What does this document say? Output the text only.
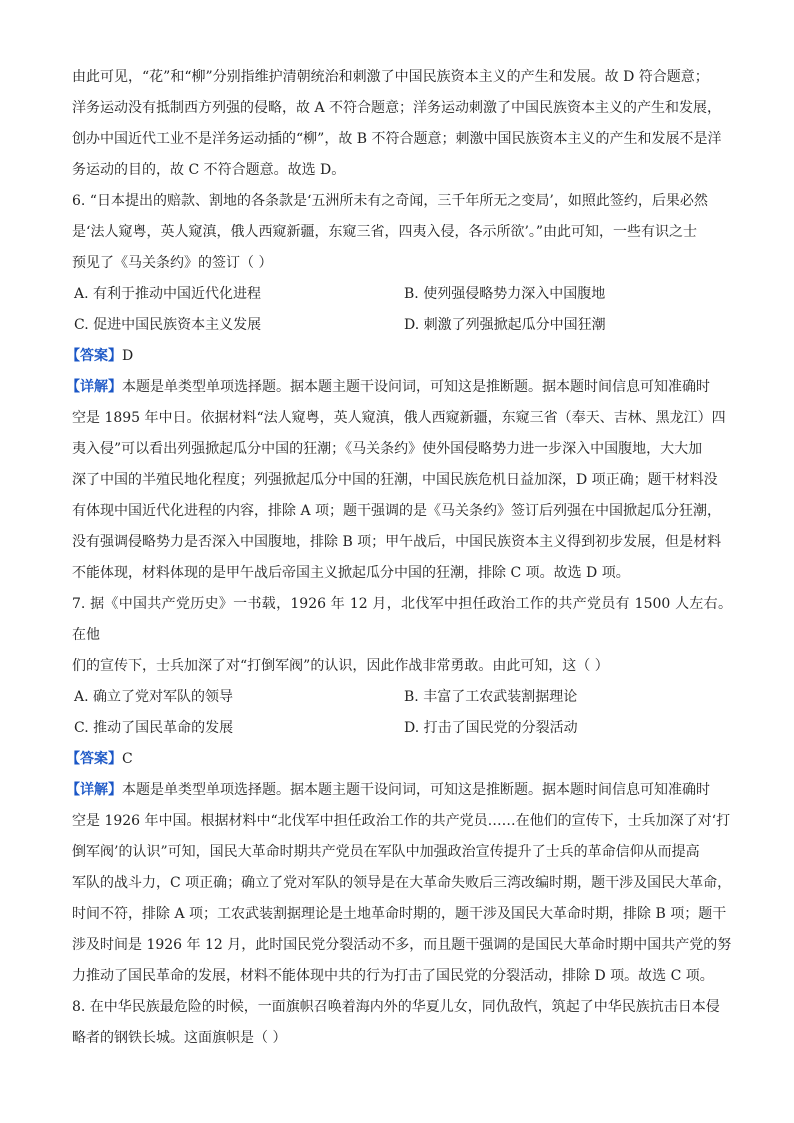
由此可见，“花”和“柳”分别指维护清朝统治和刺激了中国民族资本主义的产生和发展。故 D 符合题意；

洋务运动没有抵制西方列强的侵略，故 A 不符合题意；洋务运动刺激了中国民族资本主义的产生和发展，

创办中国近代工业不是洋务运动插的“柳”，故 B 不符合题意；刺激中国民族资本主义的产生和发展不是洋

务运动的目的，故 C 不符合题意。故选 D。

6. “日本提出的赔款、割地的各条款是‘五洲所未有之奇闻，三千年所无之变局’，如照此签约，后果必然

是‘法人窥粤，英人窥滇，俄人西窥新疆，东窥三省，四夷入侵，各示所欲’。”由此可知，一些有识之士

预见了《马关条约》的签订（ ）

A. 有利于推动中国近代化进程	B. 使列强侵略势力深入中国腹地
C. 促进中国民族资本主义发展	D. 刺激了列强掀起瓜分中国狂潮
【答案】D

【详解】本题是单类型单项选择题。据本题主题干设问词，可知这是推断题。据本题时间信息可知准确时

空是 1895 年中日。依据材料“法人窥粤，英人窥滇，俄人西窥新疆，东窥三省（奉天、吉林、黑龙江）四

夷入侵”可以看出列强掀起瓜分中国的狂潮；《马关条约》使外国侵略势力进一步深入中国腹地，大大加

深了中国的半殖民地化程度；列强掀起瓜分中国的狂潮，中国民族危机日益加深，D 项正确；题干材料没

有体现中国近代化进程的内容，排除 A 项；题干强调的是《马关条约》签订后列强在中国掀起瓜分狂潮，

没有强调侵略势力是否深入中国腹地，排除 B 项；甲午战后，中国民族资本主义得到初步发展，但是材料

不能体现，材料体现的是甲午战后帝国主义掀起瓜分中国的狂潮，排除 C 项。故选 D 项。

7. 据《中国共产党历史》一书载，1926 年 12 月，北伐军中担任政治工作的共产党员有 1500 人左右。在他

们的宣传下，士兵加深了对“打倒军阀”的认识，因此作战非常勇敢。由此可知，这（ ）

A. 确立了党对军队的领导	B. 丰富了工农武装割据理论
C. 推动了国民革命的发展	D. 打击了国民党的分裂活动
【答案】C

【详解】本题是单类型单项选择题。据本题主题干设问词，可知这是推断题。据本题时间信息可知准确时

空是 1926 年中国。根据材料中“北伐军中担任政治工作的共产党员……在他们的宣传下，士兵加深了对‘打

倒军阀’的认识”可知，国民大革命时期共产党员在军队中加强政治宣传提升了士兵的革命信仰从而提高

军队的战斗力，C 项正确；确立了党对军队的领导是在大革命失败后三湾改编时期，题干涉及国民大革命，

时间不符，排除 A 项；工农武装割据理论是土地革命时期的，题干涉及国民大革命时期，排除 B 项；题干

涉及时间是 1926 年 12 月，此时国民党分裂活动不多，而且题干强调的是国民大革命时期中国共产党的努

力推动了国民革命的发展，材料不能体现中共的行为打击了国民党的分裂活动，排除 D 项。故选 C 项。

8. 在中华民族最危险的时候，一面旗帜召唤着海内外的华夏儿女，同仇敌忾，筑起了中华民族抗击日本侵

略者的钢铁长城。这面旗帜是（ ）
